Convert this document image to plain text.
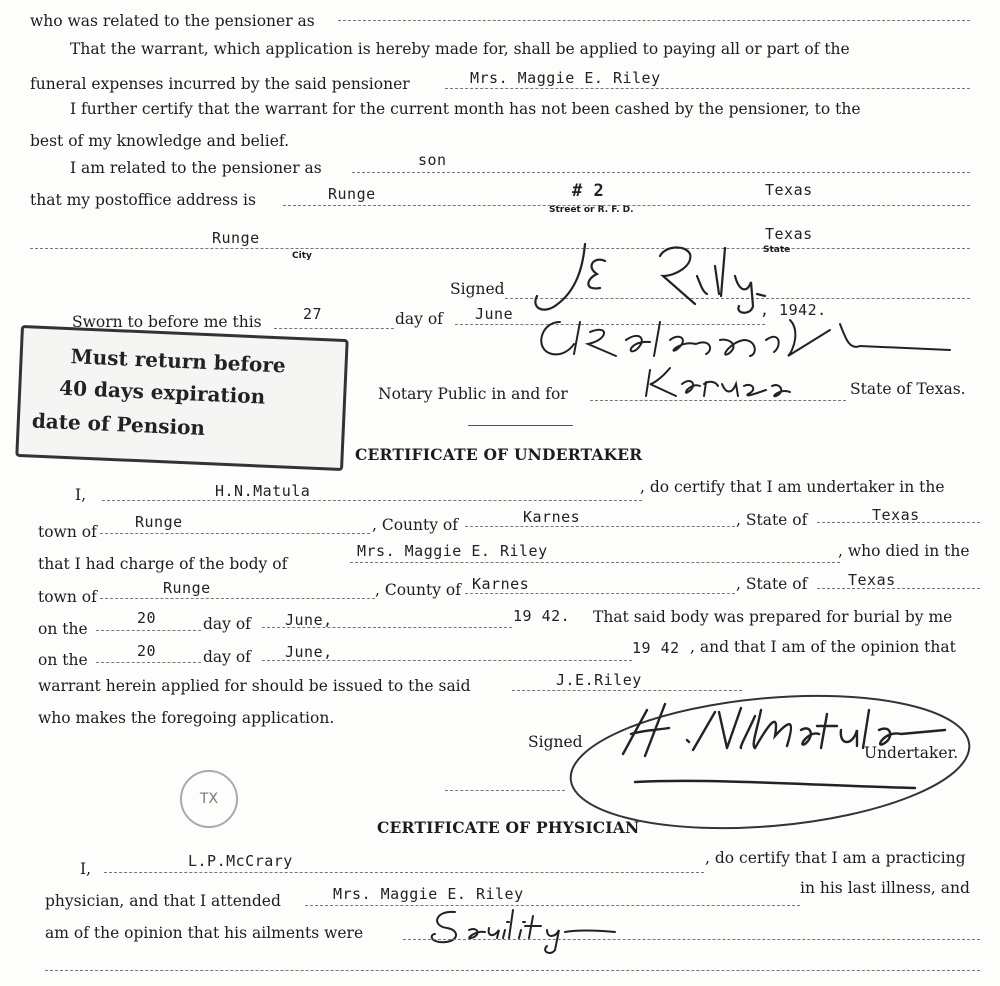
who was related to the pensioner as
That the warrant, which application is hereby made for, shall be applied to paying all or part of the
funeral expenses incurred by the said pensioner	Mrs. Maggie E. Riley
I further certify that the warrant for the current month has not been cashed by the pensioner, to the
best of my knowledge and belief.
I am related to the pensioner as	son
that my postoffice address is	Runge	# 2	Texas
Street or R. F. D.
Runge	Texas
City
State
Signed
Sworn to before me this	27	day of June	, 1942.
Must return before
40 days expiration
date of Pension
Notary Public in and for	State of Texas.
CERTIFICATE OF UNDERTAKER
I,	H.N.Matula	, do certify that I am undertaker in the
town of
Runge	, County of	Karnes	, State of	Texas
that I had charge of the body of
Mrs. Maggie E. Riley	, who died in the
town of	Runge	, County of Karnes	, State of	Texas
on the
20	day of June,	19 42. That said body was prepared for burial by me
on the	20	day of June,	19 42 , and that I am of the opinion that
warrant herein applied for should be issued to the said	J.E.Riley
who makes the foregoing application.
Signed
Undertaker.
TX
CERTIFICATE OF PHYSICIAN
I,	L.P.McCrary	, do certify that I am a practicing
physician, and that I attended	Mrs. Maggie E. Riley	in his last illness, and
am of the opinion that his ailments were
